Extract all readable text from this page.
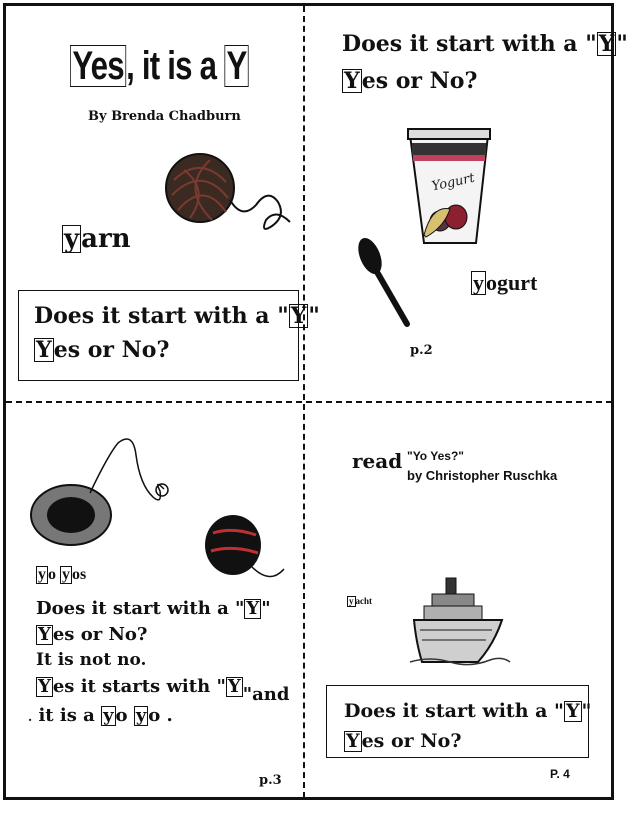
Yes, it is a Y
By Brenda Chadburn
yarn
Does it start with a "Y"
Yes or No?
Does it start with a "Y"
Yes or No?
Yogurt
yogurt
p.2
y o y os
Does it start with a " Y "
Y es or No?
It is not no.
Y es it starts with " Y "and
. it is a y o y o .
p.3
read "Yo Yes?"
by Christopher Ruschka
y acht
Does it start with a " Y "
Y es or No?
P. 4
